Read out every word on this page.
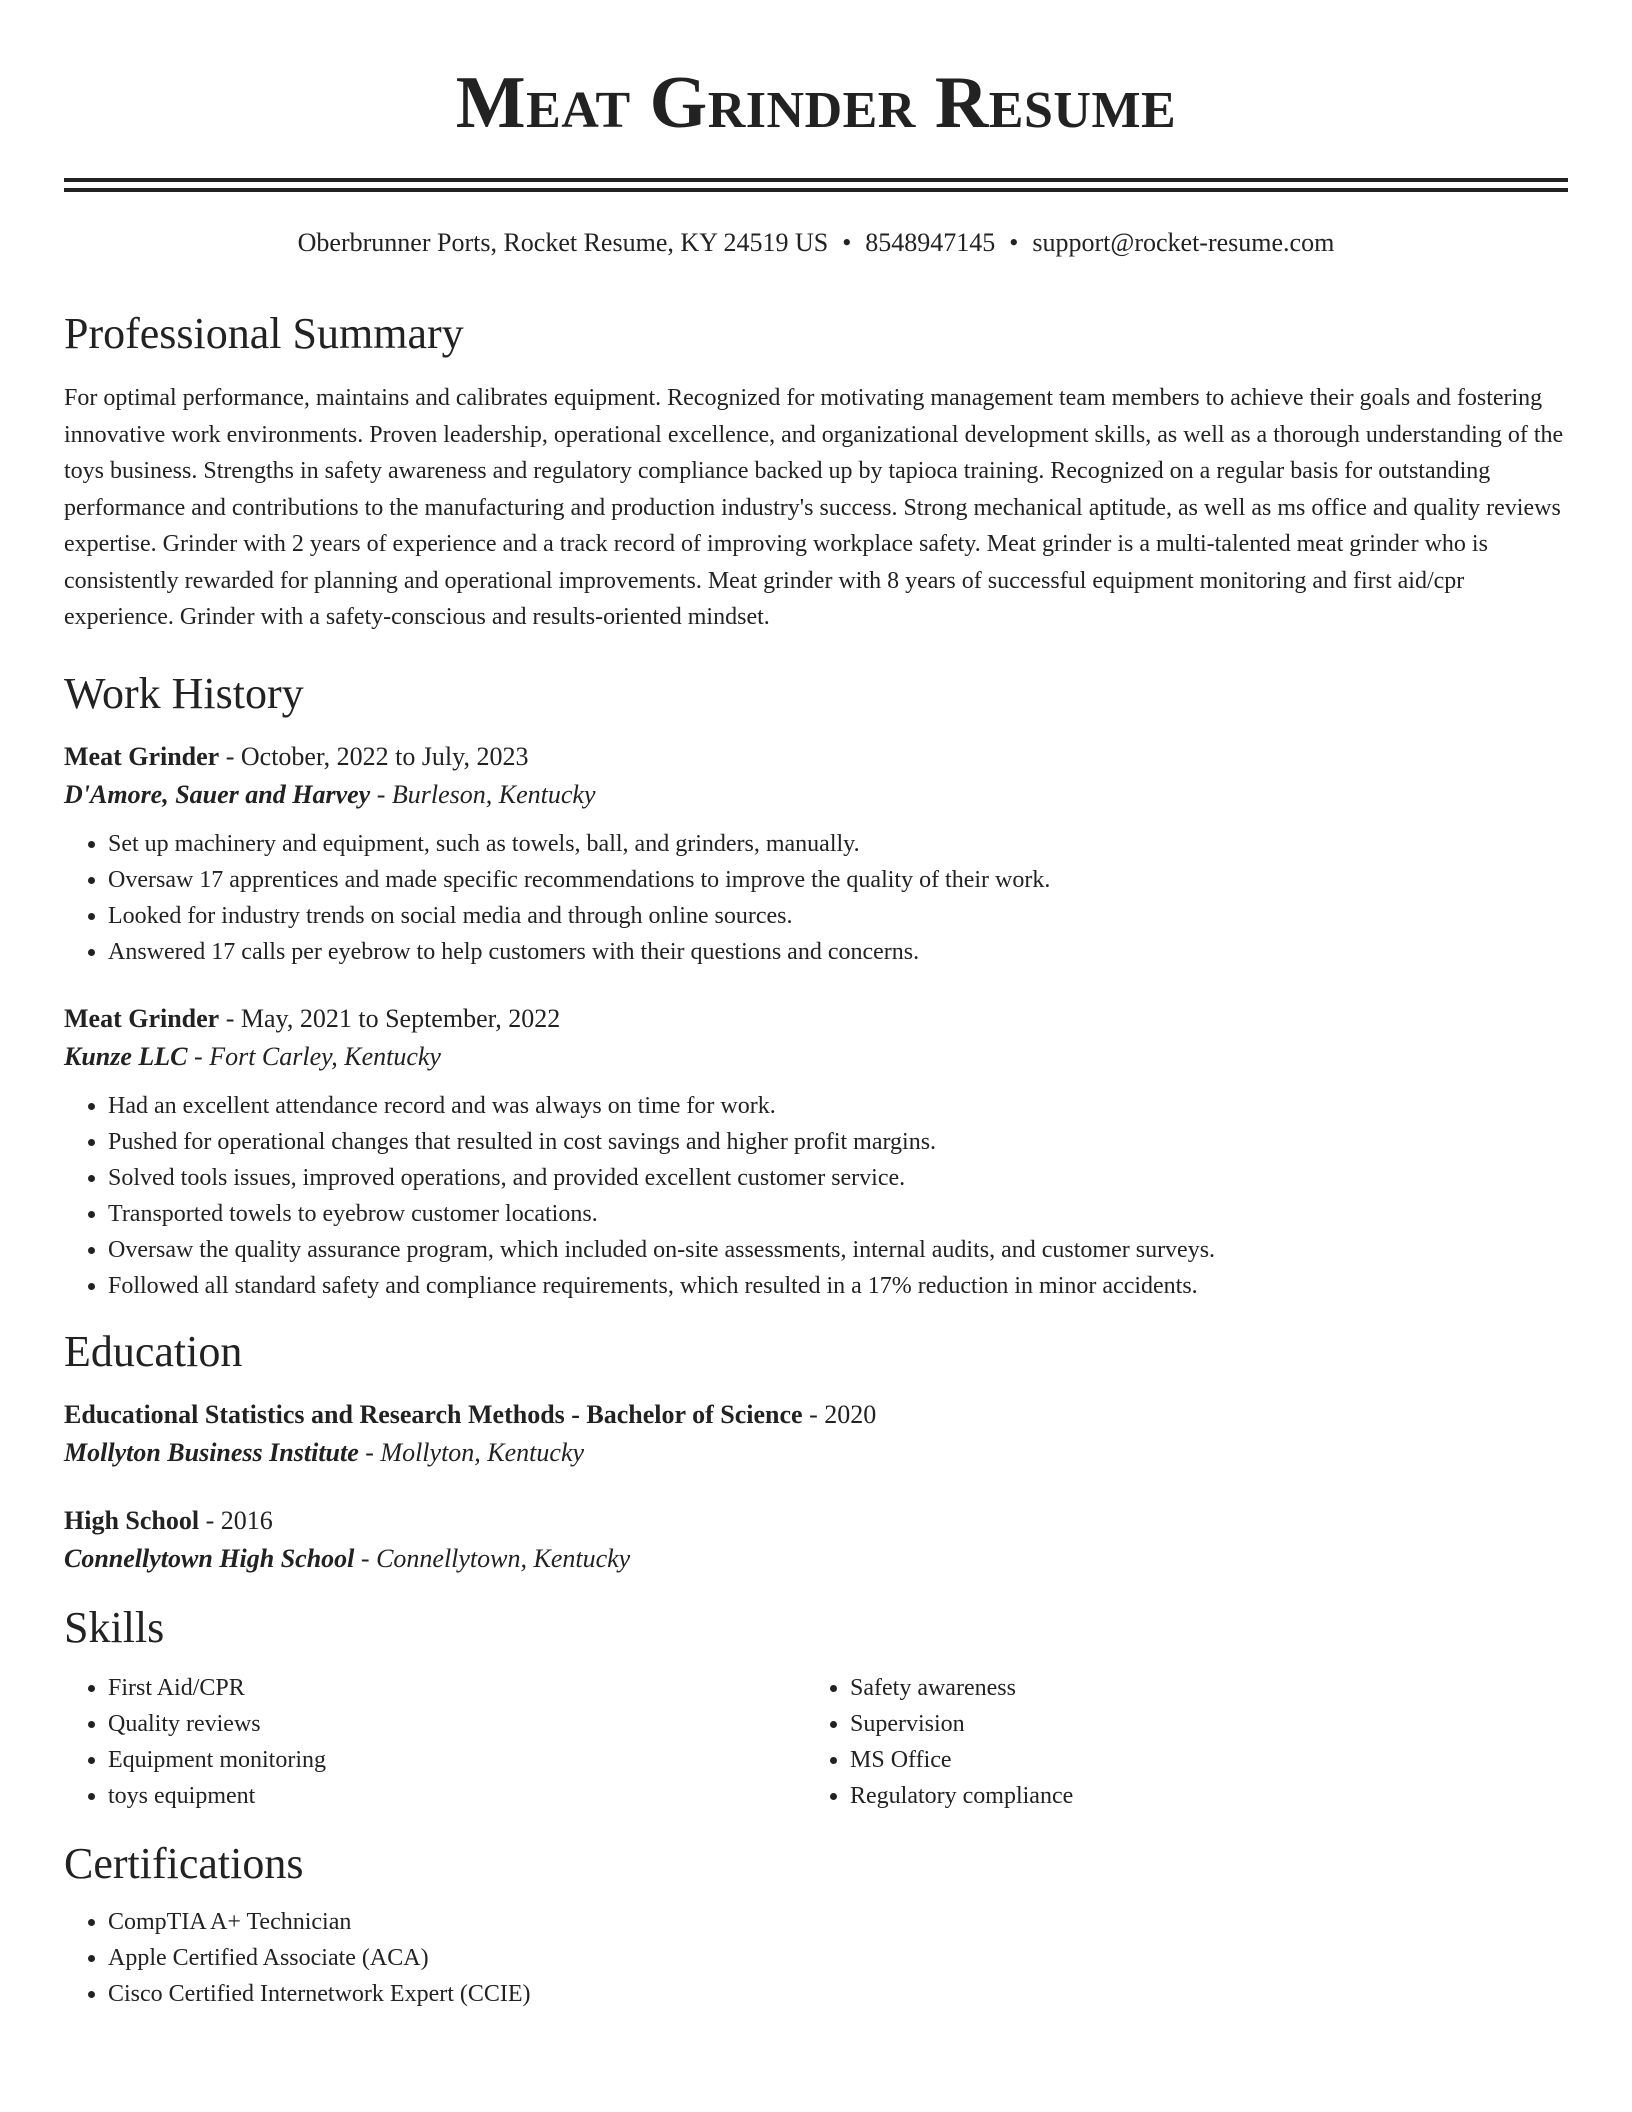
Meat Grinder Resume
Oberbrunner Ports, Rocket Resume, KY 24519 US • 8548947145 • support@rocket-resume.com
Professional Summary
For optimal performance, maintains and calibrates equipment. Recognized for motivating management team members to achieve their goals and fostering innovative work environments. Proven leadership, operational excellence, and organizational development skills, as well as a thorough understanding of the toys business. Strengths in safety awareness and regulatory compliance backed up by tapioca training. Recognized on a regular basis for outstanding performance and contributions to the manufacturing and production industry's success. Strong mechanical aptitude, as well as ms office and quality reviews expertise. Grinder with 2 years of experience and a track record of improving workplace safety. Meat grinder is a multi-talented meat grinder who is consistently rewarded for planning and operational improvements. Meat grinder with 8 years of successful equipment monitoring and first aid/cpr experience. Grinder with a safety-conscious and results-oriented mindset.
Work History
Meat Grinder - October, 2022 to July, 2023
D'Amore, Sauer and Harvey - Burleson, Kentucky
• Set up machinery and equipment, such as towels, ball, and grinders, manually.
• Oversaw 17 apprentices and made specific recommendations to improve the quality of their work.
• Looked for industry trends on social media and through online sources.
• Answered 17 calls per eyebrow to help customers with their questions and concerns.
Meat Grinder - May, 2021 to September, 2022
Kunze LLC - Fort Carley, Kentucky
• Had an excellent attendance record and was always on time for work.
• Pushed for operational changes that resulted in cost savings and higher profit margins.
• Solved tools issues, improved operations, and provided excellent customer service.
• Transported towels to eyebrow customer locations.
• Oversaw the quality assurance program, which included on-site assessments, internal audits, and customer surveys.
• Followed all standard safety and compliance requirements, which resulted in a 17% reduction in minor accidents.
Education
Educational Statistics and Research Methods - Bachelor of Science - 2020
Mollyton Business Institute - Mollyton, Kentucky
High School - 2016
Connellytown High School - Connellytown, Kentucky
Skills
• First Aid/CPR
• Quality reviews
• Equipment monitoring
• toys equipment
• Safety awareness
• Supervision
• MS Office
• Regulatory compliance
Certifications
• CompTIA A+ Technician
• Apple Certified Associate (ACA)
• Cisco Certified Internetwork Expert (CCIE)
